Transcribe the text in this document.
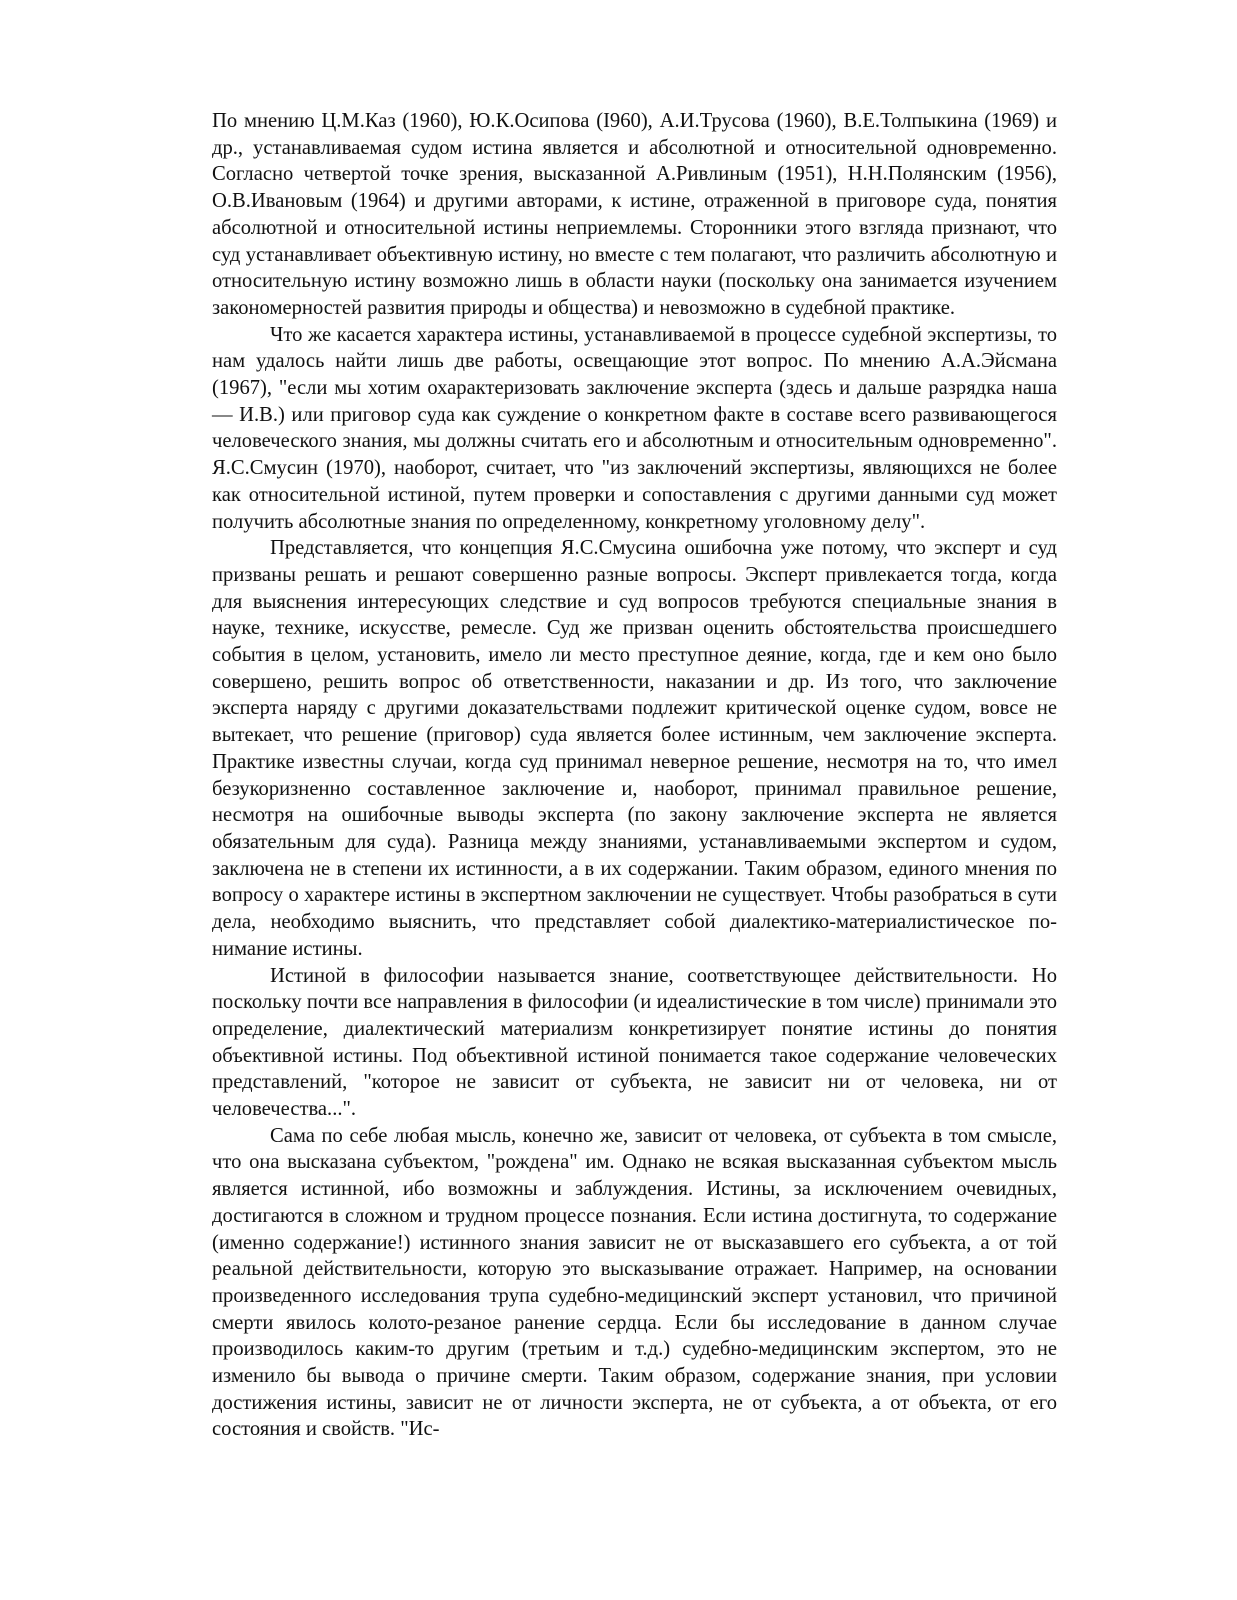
По мнению Ц.М.Каз (1960), Ю.К.Осипова (I960), А.И.Трусова (1960), В.Е.Толпыкина (1969) и др., устанавливаемая судом истина является и абсолютной и относительной одновременно. Согласно четвертой точке зрения, высказанной А.Ривлиным (1951), Н.Н.Полянским (1956), О.В.Ивановым (1964) и другими авторами, к истине, отраженной в приговоре суда, понятия абсолютной и относительной истины неприемлемы. Сторонники этого взгляда признают, что суд устанавливает объективную истину, но вместе с тем полагают, что различить абсолютную и относительную истину возможно лишь в области науки (поскольку она занимается изучением закономерностей развития природы и общества) и невозможно в судебной практике.

Что же касается характера истины, устанавливаемой в процессе судебной экспертизы, то нам удалось найти лишь две работы, освещающие этот вопрос. По мнению А.А.Эйсмана (1967), "если мы хотим охарактеризовать заключение эксперта (здесь и дальше разрядка наша — И.В.) или приговор суда как суждение о конкретном факте в составе всего развивающегося человеческого знания, мы должны считать его и абсолютным и относительным одновременно". Я.С.Смусин (1970), наоборот, считает, что "из заключений экспертизы, являющихся не более как относительной истиной, путем проверки и сопоставления с другими данными суд может получить абсолютные знания по определенному, конкретному уголовному делу".

Представляется, что концепция Я.С.Смусина ошибочна уже потому, что эксперт и суд призваны решать и решают совершенно разные вопросы. Эксперт привлекается тогда, когда для выяснения интересующих следствие и суд вопросов требуются специальные знания в науке, технике, искусстве, ремесле. Суд же призван оценить обстоятельства происшедшего события в целом, установить, имело ли место преступное деяние, когда, где и кем оно было совершено, решить вопрос об ответственности, наказании и др. Из того, что заключение эксперта наряду с другими доказательствами подлежит критической оценке судом, вовсе не вытекает, что решение (приговор) суда является более истинным, чем заключение эксперта. Практике известны случаи, когда суд принимал неверное решение, несмотря на то, что имел безукоризненно составленное заключение и, наоборот, принимал правильное решение, несмотря на ошибочные выводы эксперта (по закону заключение эксперта не является обязательным для суда). Разница между знаниями, устанавливаемыми экспертом и судом, заключена не в степени их истинности, а в их содержании. Таким образом, единого мнения по вопросу о характере истины в экспертном заключении не существует. Чтобы разобраться в сути дела, необходимо выяснить, что представляет собой диалектико-материалистическое понимание истины.

Истиной в философии называется знание, соответствующее действительности. Но поскольку почти все направления в философии (и идеалистические в том числе) принимали это определение, диалектический материализм конкретизирует понятие истины до понятия объективной истины. Под объективной истиной понимается такое содержание человеческих представлений, "которое не зависит от субъекта, не зависит ни от человека, ни от человечества...".

Сама по себе любая мысль, конечно же, зависит от человека, от субъекта в том смысле, что она высказана субъектом, "рождена" им. Однако не всякая высказанная субъектом мысль является истинной, ибо возможны и заблуждения. Истины, за исключением очевидных, достигаются в сложном и трудном процессе познания. Если истина достигнута, то содержание (именно содержание!) истинного знания зависит не от высказавшего его субъекта, а от той реальной действительности, которую это высказывание отражает. Например, на основании произведенного исследования трупа судебно-медицинский эксперт установил, что причиной смерти явилось колото-резаное ранение сердца. Если бы исследование в данном случае производилось каким-то другим (третьим и т.д.) судебно-медицинским экспертом, это не изменило бы вывода о причине смерти. Таким образом, содержание знания, при условии достижения истины, зависит не от личности эксперта, не от субъекта, а от объекта, от его состояния и свойств. "Ис-
